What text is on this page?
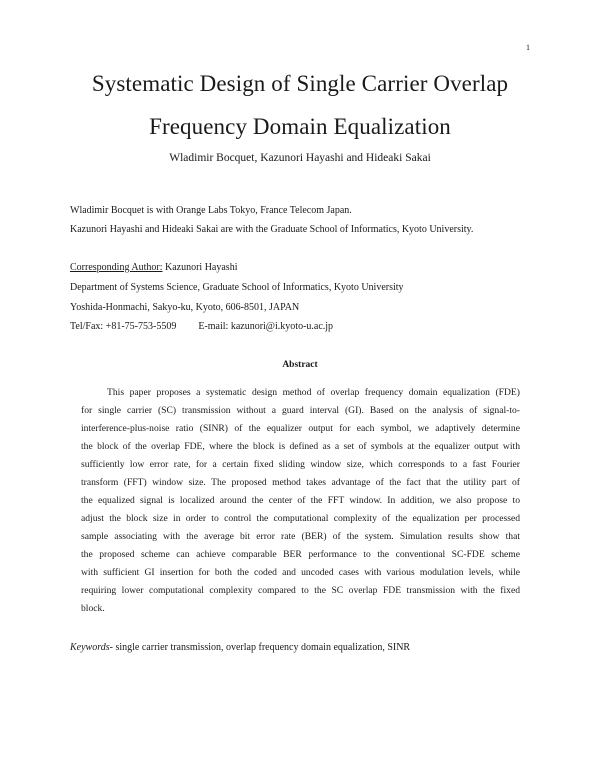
1
Systematic Design of Single Carrier Overlap
Frequency Domain Equalization
Wladimir Bocquet, Kazunori Hayashi and Hideaki Sakai
Wladimir Bocquet is with Orange Labs Tokyo, France Telecom Japan.
Kazunori Hayashi and Hideaki Sakai are with the Graduate School of Informatics, Kyoto University.
Corresponding Author: Kazunori Hayashi
Department of Systems Science, Graduate School of Informatics, Kyoto University
Yoshida-Honmachi, Sakyo-ku, Kyoto, 606-8501, JAPAN
Tel/Fax: +81-75-753-5509 E-mail: kazunori@i.kyoto-u.ac.jp
Abstract
This paper proposes a systematic design method of overlap frequency domain equalization (FDE)
for single carrier (SC) transmission without a guard interval (GI). Based on the analysis of signal-to-
interference-plus-noise ratio (SINR) of the equalizer output for each symbol, we adaptively determine
the block of the overlap FDE, where the block is defined as a set of symbols at the equalizer output with
sufficiently low error rate, for a certain fixed sliding window size, which corresponds to a fast Fourier
transform (FFT) window size. The proposed method takes advantage of the fact that the utility part of
the equalized signal is localized around the center of the FFT window. In addition, we also propose to
adjust the block size in order to control the computational complexity of the equalization per processed
sample associating with the average bit error rate (BER) of the system. Simulation results show that
the proposed scheme can achieve comparable BER performance to the conventional SC-FDE scheme
with sufficient GI insertion for both the coded and uncoded cases with various modulation levels, while
requiring lower computational complexity compared to the SC overlap FDE transmission with the fixed
block.
Keywords- single carrier transmission, overlap frequency domain equalization, SINR
